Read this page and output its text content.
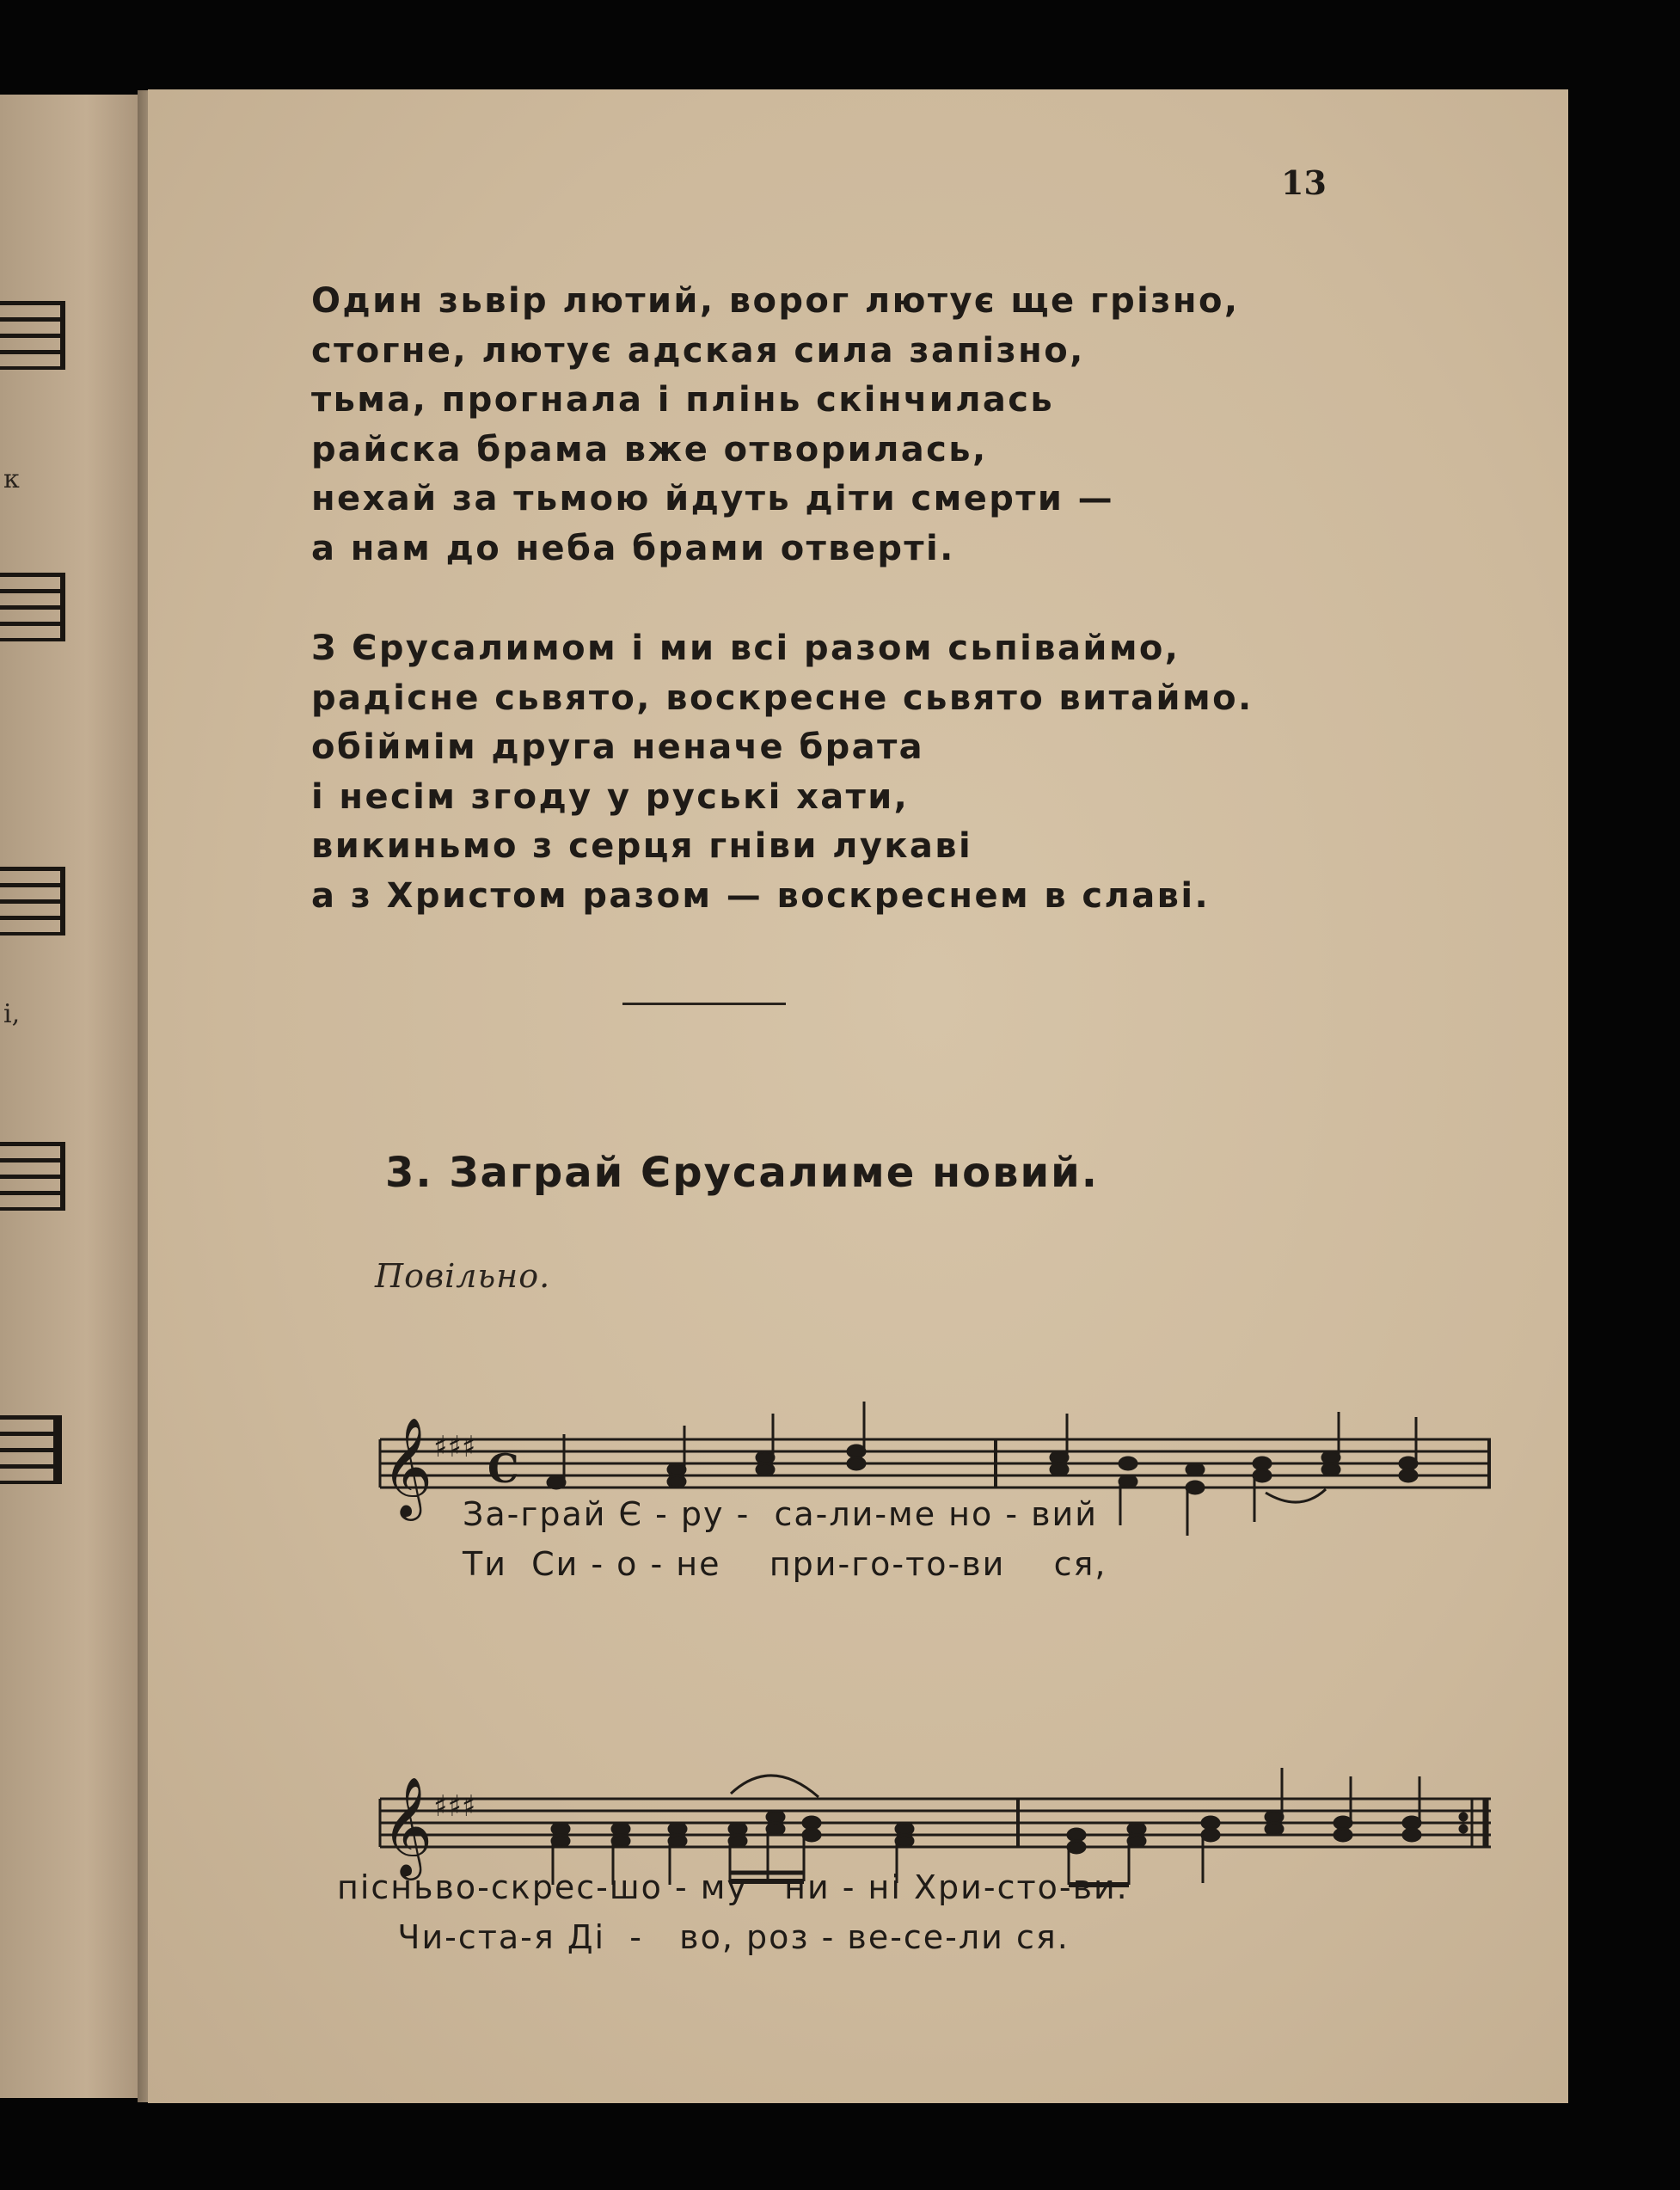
к
і,
13
Один зьвір лютий, ворог лютує ще грізно,
стогне, лютує адская сила запізно,
тьма, прогнала і плінь скінчилась
райска брама вже отворилась,
нехай за тьмою йдуть діти смерти —
а нам до неба брами отверті.
З Єрусалимом і ми всі разом сьпіваймо,
радісне сьвято, воскресне сьвято витаймо.
обіймім друга неначе брата
і несім згоду у руські хати,
викиньмо з серця гніви лукаві
а з Христом разом — воскреснем в славі.
3. Заграй Єрусалиме новий.
Повільно.
𝄞 ♯♯♯ C
За-грай Є - ру -  са-ли-ме но - вий
Ти  Си - о - не    при-го-то-ви    ся,
𝄞 ♯♯♯
пісньво-скрес-шо - му   ни - ні Хри-сто-ви.
Чи-ста-я Ді  -   во, роз - ве-се-ли ся.
